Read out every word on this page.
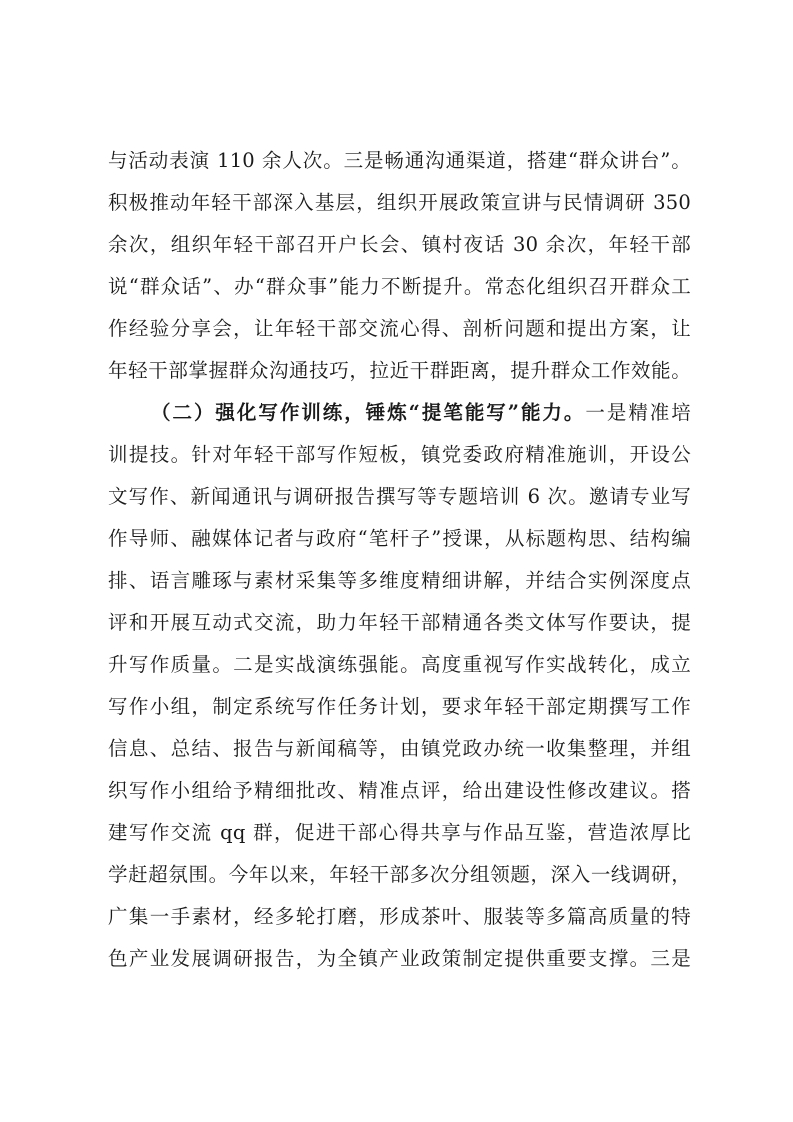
与活动表演 110 余人次。三是畅通沟通渠道，搭建“群众讲台”。
积极推动年轻干部深入基层，组织开展政策宣讲与民情调研 350
余次，组织年轻干部召开户长会、镇村夜话 30 余次，年轻干部
说“群众话”、办“群众事”能力不断提升。常态化组织召开群众工
作经验分享会，让年轻干部交流心得、剖析问题和提出方案，让
年轻干部掌握群众沟通技巧，拉近干群距离，提升群众工作效能。
（二）强化写作训练，锤炼“提笔能写”能力。一是精准培
训提技。针对年轻干部写作短板，镇党委政府精准施训，开设公
文写作、新闻通讯与调研报告撰写等专题培训 6 次。邀请专业写
作导师、融媒体记者与政府“笔杆子”授课，从标题构思、结构编
排、语言雕琢与素材采集等多维度精细讲解，并结合实例深度点
评和开展互动式交流，助力年轻干部精通各类文体写作要诀，提
升写作质量。二是实战演练强能。高度重视写作实战转化，成立
写作小组，制定系统写作任务计划，要求年轻干部定期撰写工作
信息、总结、报告与新闻稿等，由镇党政办统一收集整理，并组
织写作小组给予精细批改、精准点评，给出建设性修改建议。搭
建写作交流 qq 群，促进干部心得共享与作品互鉴，营造浓厚比
学赶超氛围。今年以来，年轻干部多次分组领题，深入一线调研，
广集一手素材，经多轮打磨，形成茶叶、服装等多篇高质量的特
色产业发展调研报告，为全镇产业政策制定提供重要支撑。三是
